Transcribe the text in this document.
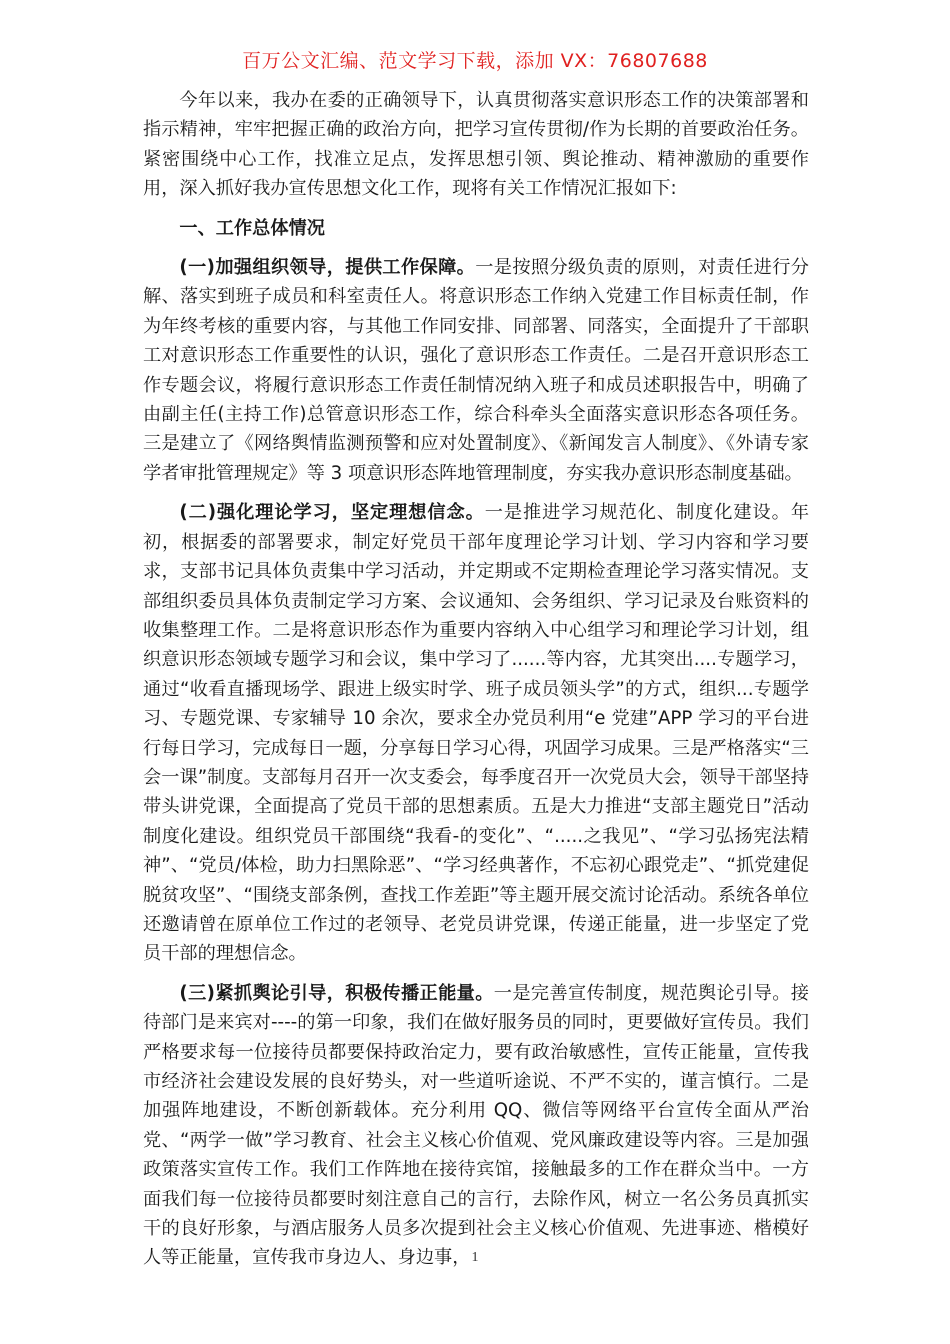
百万公文汇编、范文学习下载，添加 VX：76807688

今年以来，我办在委的正确领导下，认真贯彻落实意识形态工作的决策部署和指示精神，牢牢把握正确的政治方向，把学习宣传贯彻/作为长期的首要政治任务。紧密围绕中心工作，找准立足点，发挥思想引领、舆论推动、精神激励的重要作用，深入抓好我办宣传思想文化工作，现将有关工作情况汇报如下:

一、工作总体情况

(一)加强组织领导，提供工作保障。一是按照分级负责的原则，对责任进行分解、落实到班子成员和科室责任人。将意识形态工作纳入党建工作目标责任制，作为年终考核的重要内容，与其他工作同安排、同部署、同落实，全面提升了干部职工对意识形态工作重要性的认识，强化了意识形态工作责任。二是召开意识形态工作专题会议，将履行意识形态工作责任制情况纳入班子和成员述职报告中，明确了由副主任(主持工作)总管意识形态工作，综合科牵头全面落实意识形态各项任务。三是建立了《网络舆情监测预警和应对处置制度》、《新闻发言人制度》、《外请专家学者审批管理规定》等 3 项意识形态阵地管理制度，夯实我办意识形态制度基础。

(二)强化理论学习，坚定理想信念。一是推进学习规范化、制度化建设。年初，根据委的部署要求，制定好党员干部年度理论学习计划、学习内容和学习要求，支部书记具体负责集中学习活动，并定期或不定期检查理论学习落实情况。支部组织委员具体负责制定学习方案、会议通知、会务组织、学习记录及台账资料的收集整理工作。二是将意识形态作为重要内容纳入中心组学习和理论学习计划，组织意识形态领域专题学习和会议，集中学习了......等内容，尤其突出....专题学习，通过“收看直播现场学、跟进上级实时学、班子成员领头学”的方式，组织...专题学习、专题党课、专家辅导 10 余次，要求全办党员利用“e 党建”APP 学习的平台进行每日学习，完成每日一题，分享每日学习心得，巩固学习成果。三是严格落实“三会一课”制度。支部每月召开一次支委会，每季度召开一次党员大会，领导干部坚持带头讲党课，全面提高了党员干部的思想素质。五是大力推进“支部主题党日”活动制度化建设。组织党员干部围绕“我看-的变化”、“.....之我见”、“学习弘扬宪法精神”、“党员/体检，助力扫黑除恶”、“学习经典著作，不忘初心跟党走”、“抓党建促脱贫攻坚”、“围绕支部条例，查找工作差距”等主题开展交流讨论活动。系统各单位还邀请曾在原单位工作过的老领导、老党员讲党课，传递正能量，进一步坚定了党员干部的理想信念。

(三)紧抓舆论引导，积极传播正能量。一是完善宣传制度，规范舆论引导。接待部门是来宾对----的第一印象，我们在做好服务员的同时，更要做好宣传员。我们严格要求每一位接待员都要保持政治定力，要有政治敏感性，宣传正能量，宣传我市经济社会建设发展的良好势头，对一些道听途说、不严不实的，谨言慎行。二是加强阵地建设，不断创新载体。充分利用 QQ、微信等网络平台宣传全面从严治党、“两学一做”学习教育、社会主义核心价值观、党风廉政建设等内容。三是加强政策落实宣传工作。我们工作阵地在接待宾馆，接触最多的工作在群众当中。一方面我们每一位接待员都要时刻注意自己的言行，去除作风，树立一名公务员真抓实干的良好形象，与酒店服务人员多次提到社会主义核心价值观、先进事迹、楷模好人等正能量，宣传我市身边人、身边事， 1
